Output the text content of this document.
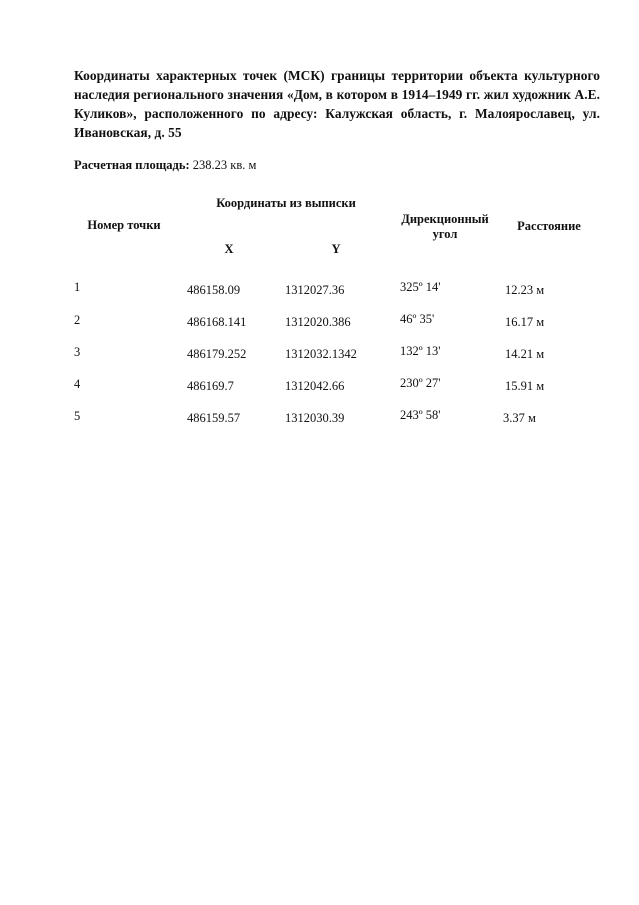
Координаты характерных точек (МСК) границы территории объекта культурного наследия регионального значения «Дом, в котором в 1914–1949 гг. жил художник А.Е. Куликов», расположенного по адресу: Калужская область, г. Малоярославец, ул. Ивановская, д. 55
Расчетная площадь: 238.23 кв. м
Номер точки
Координаты из выписки
X	Y
Дирекционный угол
Расстояние
1	486158.09	1312027.36	325º 14'	12.23 м
2	486168.141	1312020.386	46º 35'	16.17 м
3	486179.252	1312032.1342	132º 13'	14.21 м
4	486169.7	1312042.66	230º 27'	15.91 м
5	486159.57	1312030.39	243º 58'	3.37 м
